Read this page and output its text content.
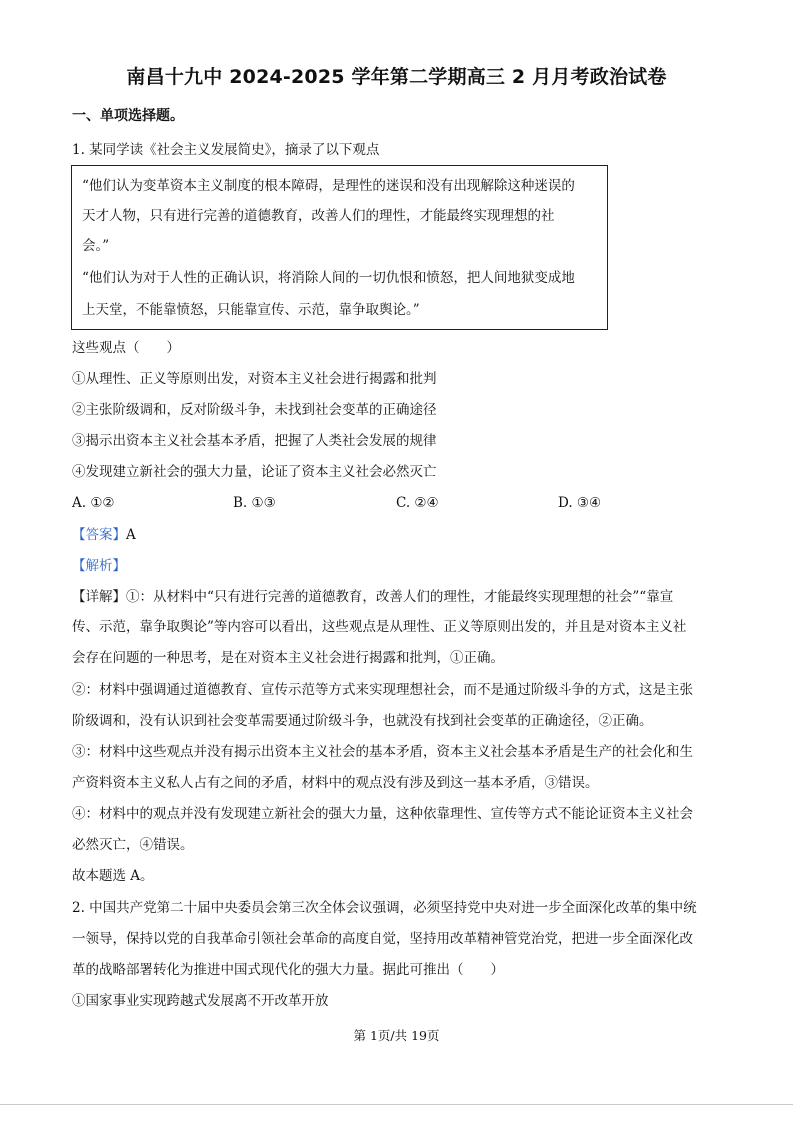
南昌十九中 2024-2025 学年第二学期高三 2 月月考政治试卷
一、单项选择题。
1. 某同学读《社会主义发展简史》，摘录了以下观点
“他们认为变革资本主义制度的根本障碍，是理性的迷误和没有出现解除这种迷误的
天才人物，只有进行完善的道德教育，改善人们的理性，才能最终实现理想的社
会。”
“他们认为对于人性的正确认识，将消除人间的一切仇恨和愤怒，把人间地狱变成地
上天堂，不能靠愤怒，只能靠宣传、示范，靠争取舆论。”
这些观点（　　）
①从理性、正义等原则出发，对资本主义社会进行揭露和批判
②主张阶级调和，反对阶级斗争，未找到社会变革的正确途径
③揭示出资本主义社会基本矛盾，把握了人类社会发展的规律
④发现建立新社会的强大力量，论证了资本主义社会必然灭亡
A. ①②	B. ①③	C. ②④	D. ③④
【答案】A
【解析】
【详解】①：从材料中“只有进行完善的道德教育，改善人们的理性，才能最终实现理想的社会”“靠宣
传、示范，靠争取舆论”等内容可以看出，这些观点是从理性、正义等原则出发的，并且是对资本主义社
会存在问题的一种思考，是在对资本主义社会进行揭露和批判，①正确。
②：材料中强调通过道德教育、宣传示范等方式来实现理想社会，而不是通过阶级斗争的方式，这是主张
阶级调和，没有认识到社会变革需要通过阶级斗争，也就没有找到社会变革的正确途径，②正确。
③：材料中这些观点并没有揭示出资本主义社会的基本矛盾，资本主义社会基本矛盾是生产的社会化和生
产资料资本主义私人占有之间的矛盾，材料中的观点没有涉及到这一基本矛盾，③错误。
④：材料中的观点并没有发现建立新社会的强大力量，这种依靠理性、宣传等方式不能论证资本主义社会
必然灭亡，④错误。
故本题选 A。
2. 中国共产党第二十届中央委员会第三次全体会议强调，必须坚持党中央对进一步全面深化改革的集中统
一领导，保持以党的自我革命引领社会革命的高度自觉，坚持用改革精神管党治党，把进一步全面深化改
革的战略部署转化为推进中国式现代化的强大力量。据此可推出（　　）
①国家事业实现跨越式发展离不开改革开放
第 1页/共 19页
